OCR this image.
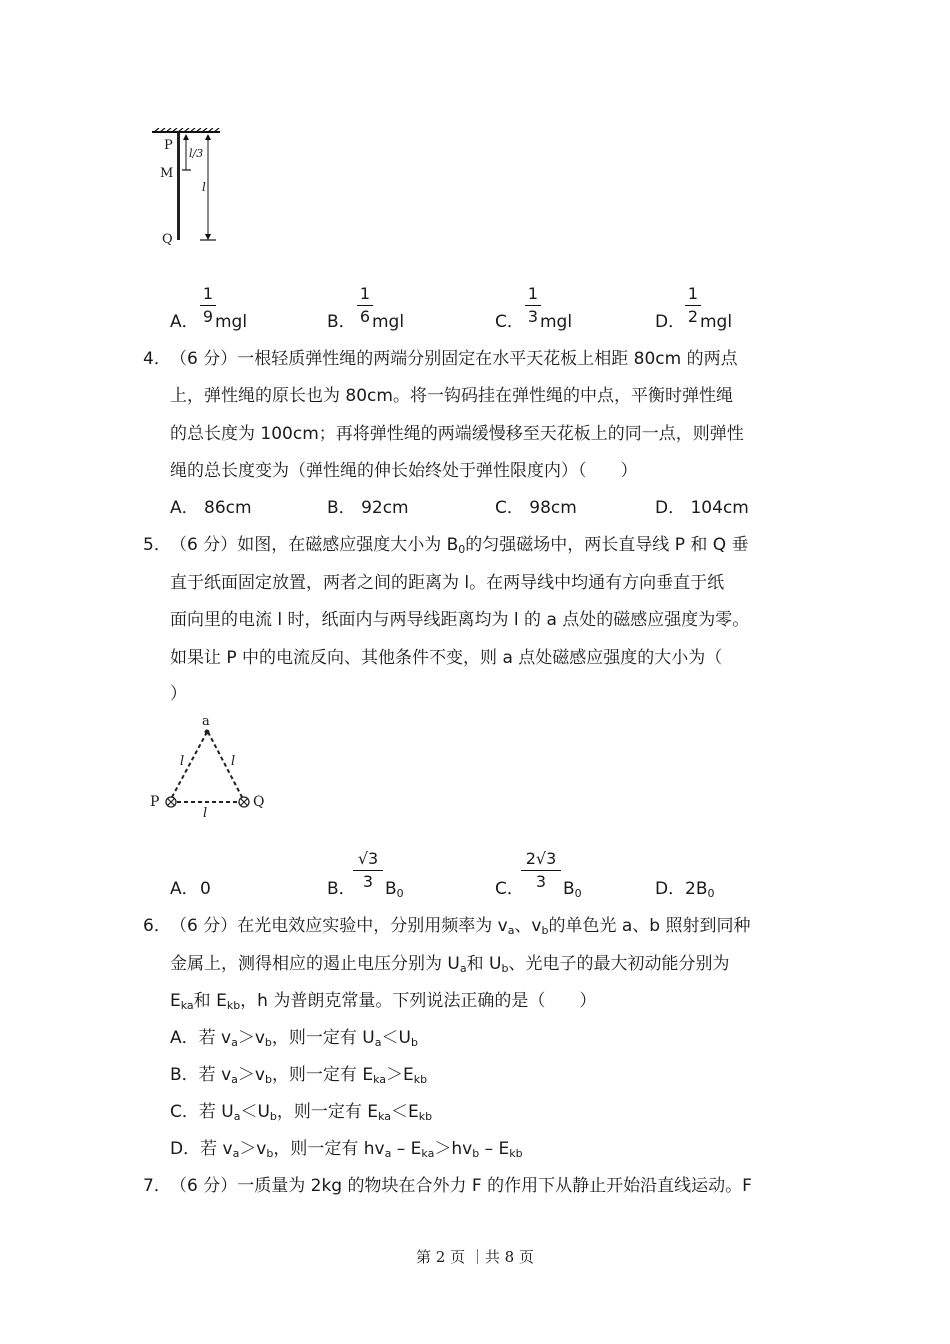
P
M
Q
l/3
l
A．
1
9 mgl	B．
1
6 mgl	C．
1
3 mgl	D．
1
2 mgl
4． （6 分）一根轻质弹性绳的两端分别固定在水平天花板上相距 80cm 的两点
上，弹性绳的原长也为 80cm。将一钩码挂在弹性绳的中点，平衡时弹性绳
的总长度为 100cm；再将弹性绳的两端缓慢移至天花板上的同一点，则弹性
绳的总长度变为（弹性绳的伸长始终处于弹性限度内）（　　）
A． 86cm	B． 92cm	C． 98cm	D． 104cm
5． （6 分）如图，在磁感应强度大小为 $B_0$的匀强磁场中，两长直导线 P 和 Q 垂
直于纸面固定放置，两者之间的距离为 l。在两导线中均通有方向垂直于纸
面向里的电流 l 时，纸面内与两导线距离均为 l 的 a 点处的磁感应强度为零。
如果让 P 中的电流反向、其他条件不变，则 a 点处磁感应强度的大小为（
）
a
P	Q
l	l
l
A． 0	B．
√3
3 $B_0$	C．
2√3
3 $B_0$	D． $2B_0$
6． （6 分）在光电效应实验中，分别用频率为 $v_a$、$v_b$的单色光 a、b 照射到同种
金属上，测得相应的遏止电压分别为 $U_a$和 $U_b$、光电子的最大初动能分别为
$E_{ka}$和 $E_{kb}$，h 为普朗克常量。下列说法正确的是（　　）
A．若 $v_a>v_b$，则一定有 $U_a<U_b$
B．若 $v_a>v_b$，则一定有 $E_{ka}>E_{kb}$
C．若 $U_a<U_b$，则一定有 $E_{ka}<E_{kb}$
D．若 $v_a>v_b$，则一定有 $hv_a - E_{ka}>hv_b - E_{kb}$
7． （6 分）一质量为 2kg 的物块在合外力 F 的作用下从静止开始沿直线运动。F
第 2 页 ｜共 8 页
